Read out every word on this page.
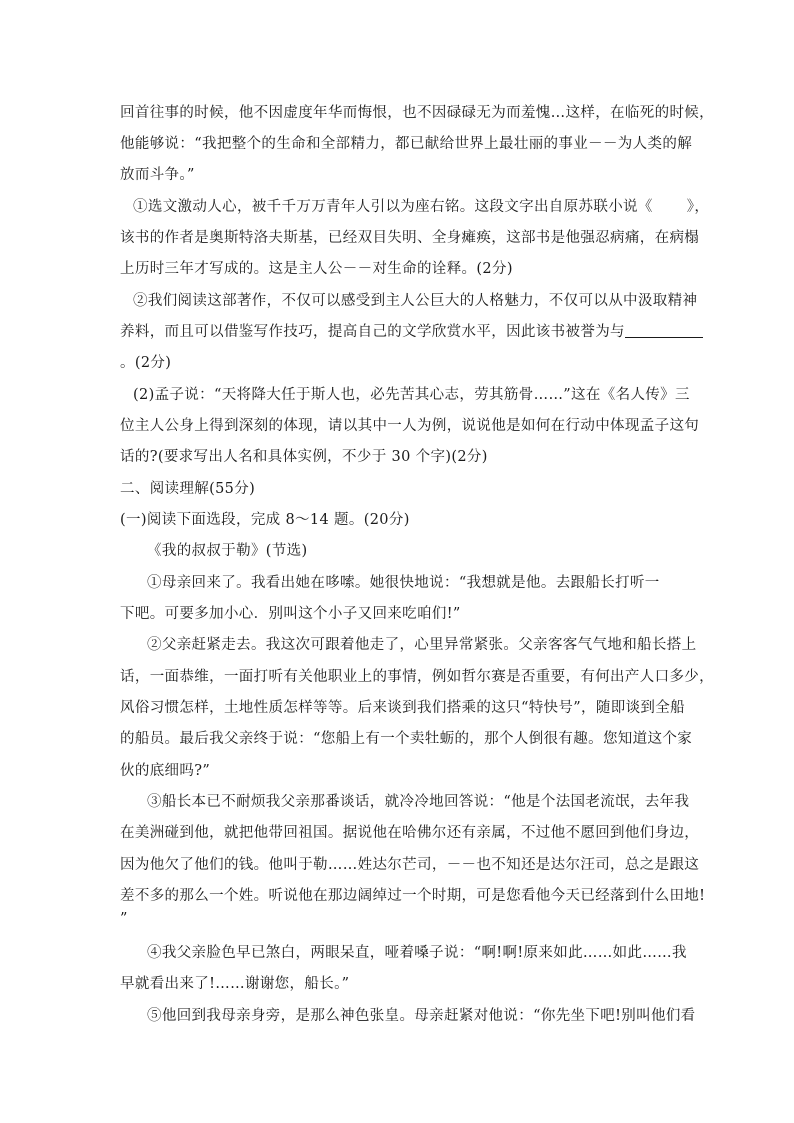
回首往事的时候，他不因虚度年华而悔恨，也不因碌碌无为而羞愧…这样，在临死的时候，
他能够说：“我把整个的生命和全部精力，都已献给世界上最壮丽的事业－－为人类的解
放而斗争。”
①选文激动人心，被千千万万青年人引以为座右铭。这段文字出自原苏联小说《 》，
该书的作者是奥斯特洛夫斯基，已经双目失明、全身瘫痪，这部书是他强忍病痛，在病榻
上历时三年才写成的。这是主人公－－对生命的诠释。(2分)
②我们阅读这部著作，不仅可以感受到主人公巨大的人格魅力，不仅可以从中汲取精神
养料，而且可以借鉴写作技巧，提高自己的文学欣赏水平，因此该书被誉为与
。(2分)
(2)孟子说：“天将降大任于斯人也，必先苦其心志，劳其筋骨……”这在《名人传》三
位主人公身上得到深刻的体现，请以其中一人为例，说说他是如何在行动中体现孟子这句
话的?(要求写出人名和具体实例，不少于 30 个字)(2分)
二、阅读理解(55分)
(一)阅读下面选段，完成 8～14 题。(20分)
《我的叔叔于勒》(节选)
①母亲回来了。我看出她在哆嗦。她很快地说：“我想就是他。去跟船长打听一
下吧。可要多加小心．别叫这个小子又回来吃咱们!”
②父亲赶紧走去。我这次可跟着他走了，心里异常紧张。父亲客客气气地和船长搭上
话，一面恭维，一面打听有关他职业上的事情，例如哲尔赛是否重要，有何出产人口多少，
风俗习惯怎样，土地性质怎样等等。后来谈到我们搭乘的这只“特快号”，随即谈到全船
的船员。最后我父亲终于说：“您船上有一个卖牡蛎的，那个人倒很有趣。您知道这个家
伙的底细吗?”
③船长本已不耐烦我父亲那番谈话，就冷冷地回答说：“他是个法国老流氓，去年我
在美洲碰到他，就把他带回祖国。据说他在哈佛尔还有亲属，不过他不愿回到他们身边，
因为他欠了他们的钱。他叫于勒……姓达尔芒司，－－也不知还是达尔汪司，总之是跟这
差不多的那么一个姓。听说他在那边阔绰过一个时期，可是您看他今天已经落到什么田地!
”
④我父亲脸色早已煞白，两眼呆直，哑着嗓子说：“啊!啊!原来如此……如此……我
早就看出来了!……谢谢您，船长。”
⑤他回到我母亲身旁，是那么神色张皇。母亲赶紧对他说：“你先坐下吧!别叫他们看
